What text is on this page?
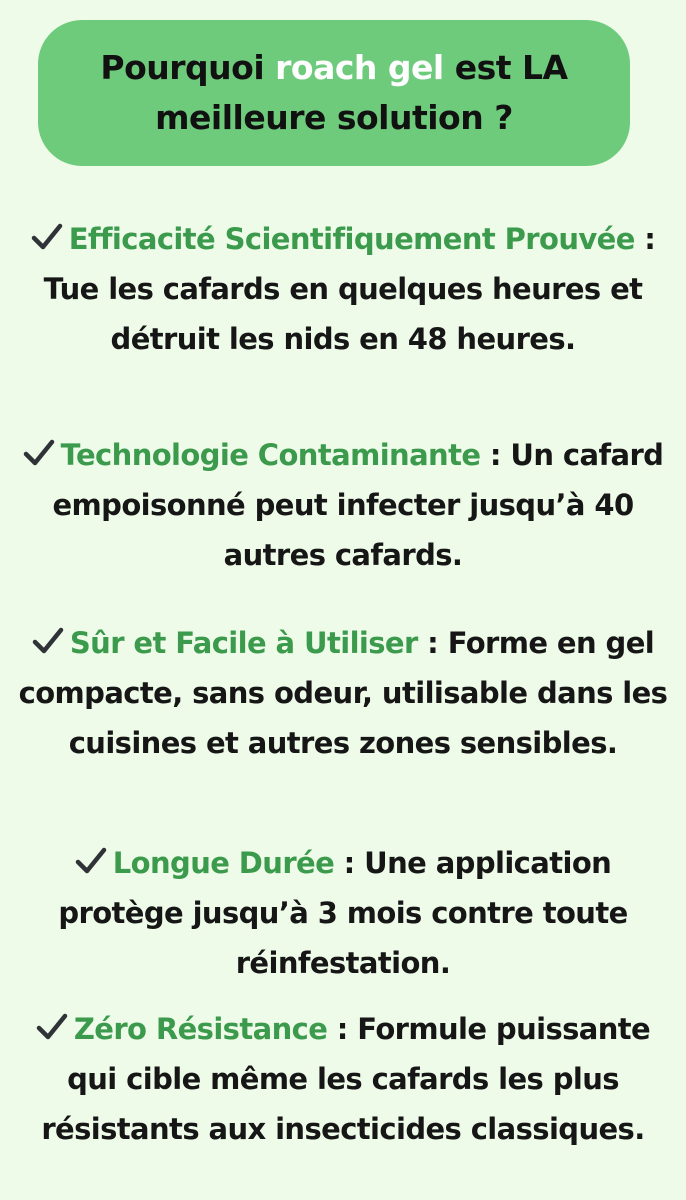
Pourquoi roach gel est LA
meilleure solution ?
Efficacité Scientifiquement Prouvée : Tue les cafards en quelques heures et détruit les nids en 48 heures.
Technologie Contaminante : Un cafard empoisonné peut infecter jusqu’à 40 autres cafards.
Sûr et Facile à Utiliser : Forme en gel compacte, sans odeur, utilisable dans les cuisines et autres zones sensibles.
Longue Durée : Une application protège jusqu’à 3 mois contre toute réinfestation.
Zéro Résistance : Formule puissante qui cible même les cafards les plus résistants aux insecticides classiques.
